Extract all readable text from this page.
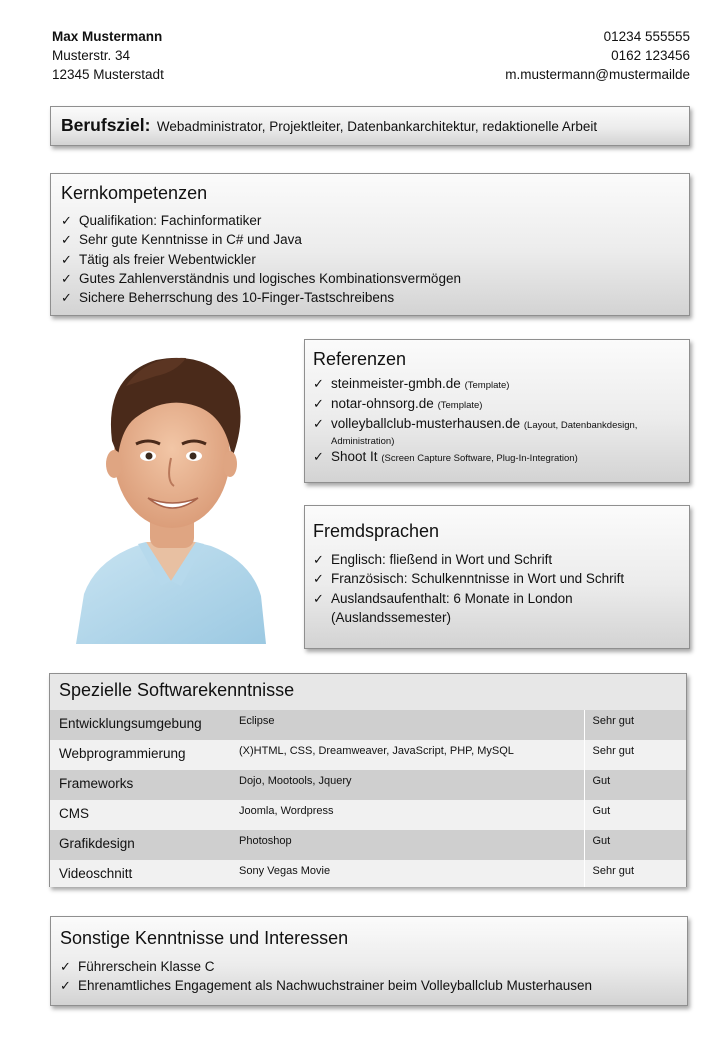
Max Mustermann
Musterstr. 34
12345 Musterstadt
01234 555555
0162 123456
m.mustermann@mustermailde
Berufsziel: Webadministrator, Projektleiter, Datenbankarchitektur, redaktionelle Arbeit
Kernkompetenzen
✓ Qualifikation: Fachinformatiker
✓ Sehr gute Kenntnisse in C# und Java
✓ Tätig als freier Webentwickler
✓ Gutes Zahlenverständnis und logisches Kombinationsvermögen
✓ Sichere Beherrschung des 10-Finger-Tastschreibens
Referenzen
✓ steinmeister-gmbh.de (Template)
✓ notar-ohnsorg.de (Template)
✓ volleyballclub-musterhausen.de (Layout, Datenbankdesign,
Administration)
✓ Shoot It (Screen Capture Software, Plug-In-Integration)
Fremdsprachen
✓ Englisch: fließend in Wort und Schrift
✓ Französisch: Schulkenntnisse in Wort und Schrift
✓ Auslandsaufenthalt: 6 Monate in London
(Auslandssemester)
Spezielle Softwarekenntnisse
Entwicklungsumgebung	Eclipse	Sehr gut
Webprogrammierung	(X)HTML, CSS, Dreamweaver, JavaScript, PHP, MySQL	Sehr gut
Frameworks	Dojo, Mootools, Jquery	Gut
CMS	Joomla, Wordpress	Gut
Grafikdesign	Photoshop	Gut
Videoschnitt	Sony Vegas Movie	Sehr gut
Sonstige Kenntnisse und Interessen
✓ Führerschein Klasse C
✓ Ehrenamtliches Engagement als Nachwuchstrainer beim Volleyballclub Musterhausen
